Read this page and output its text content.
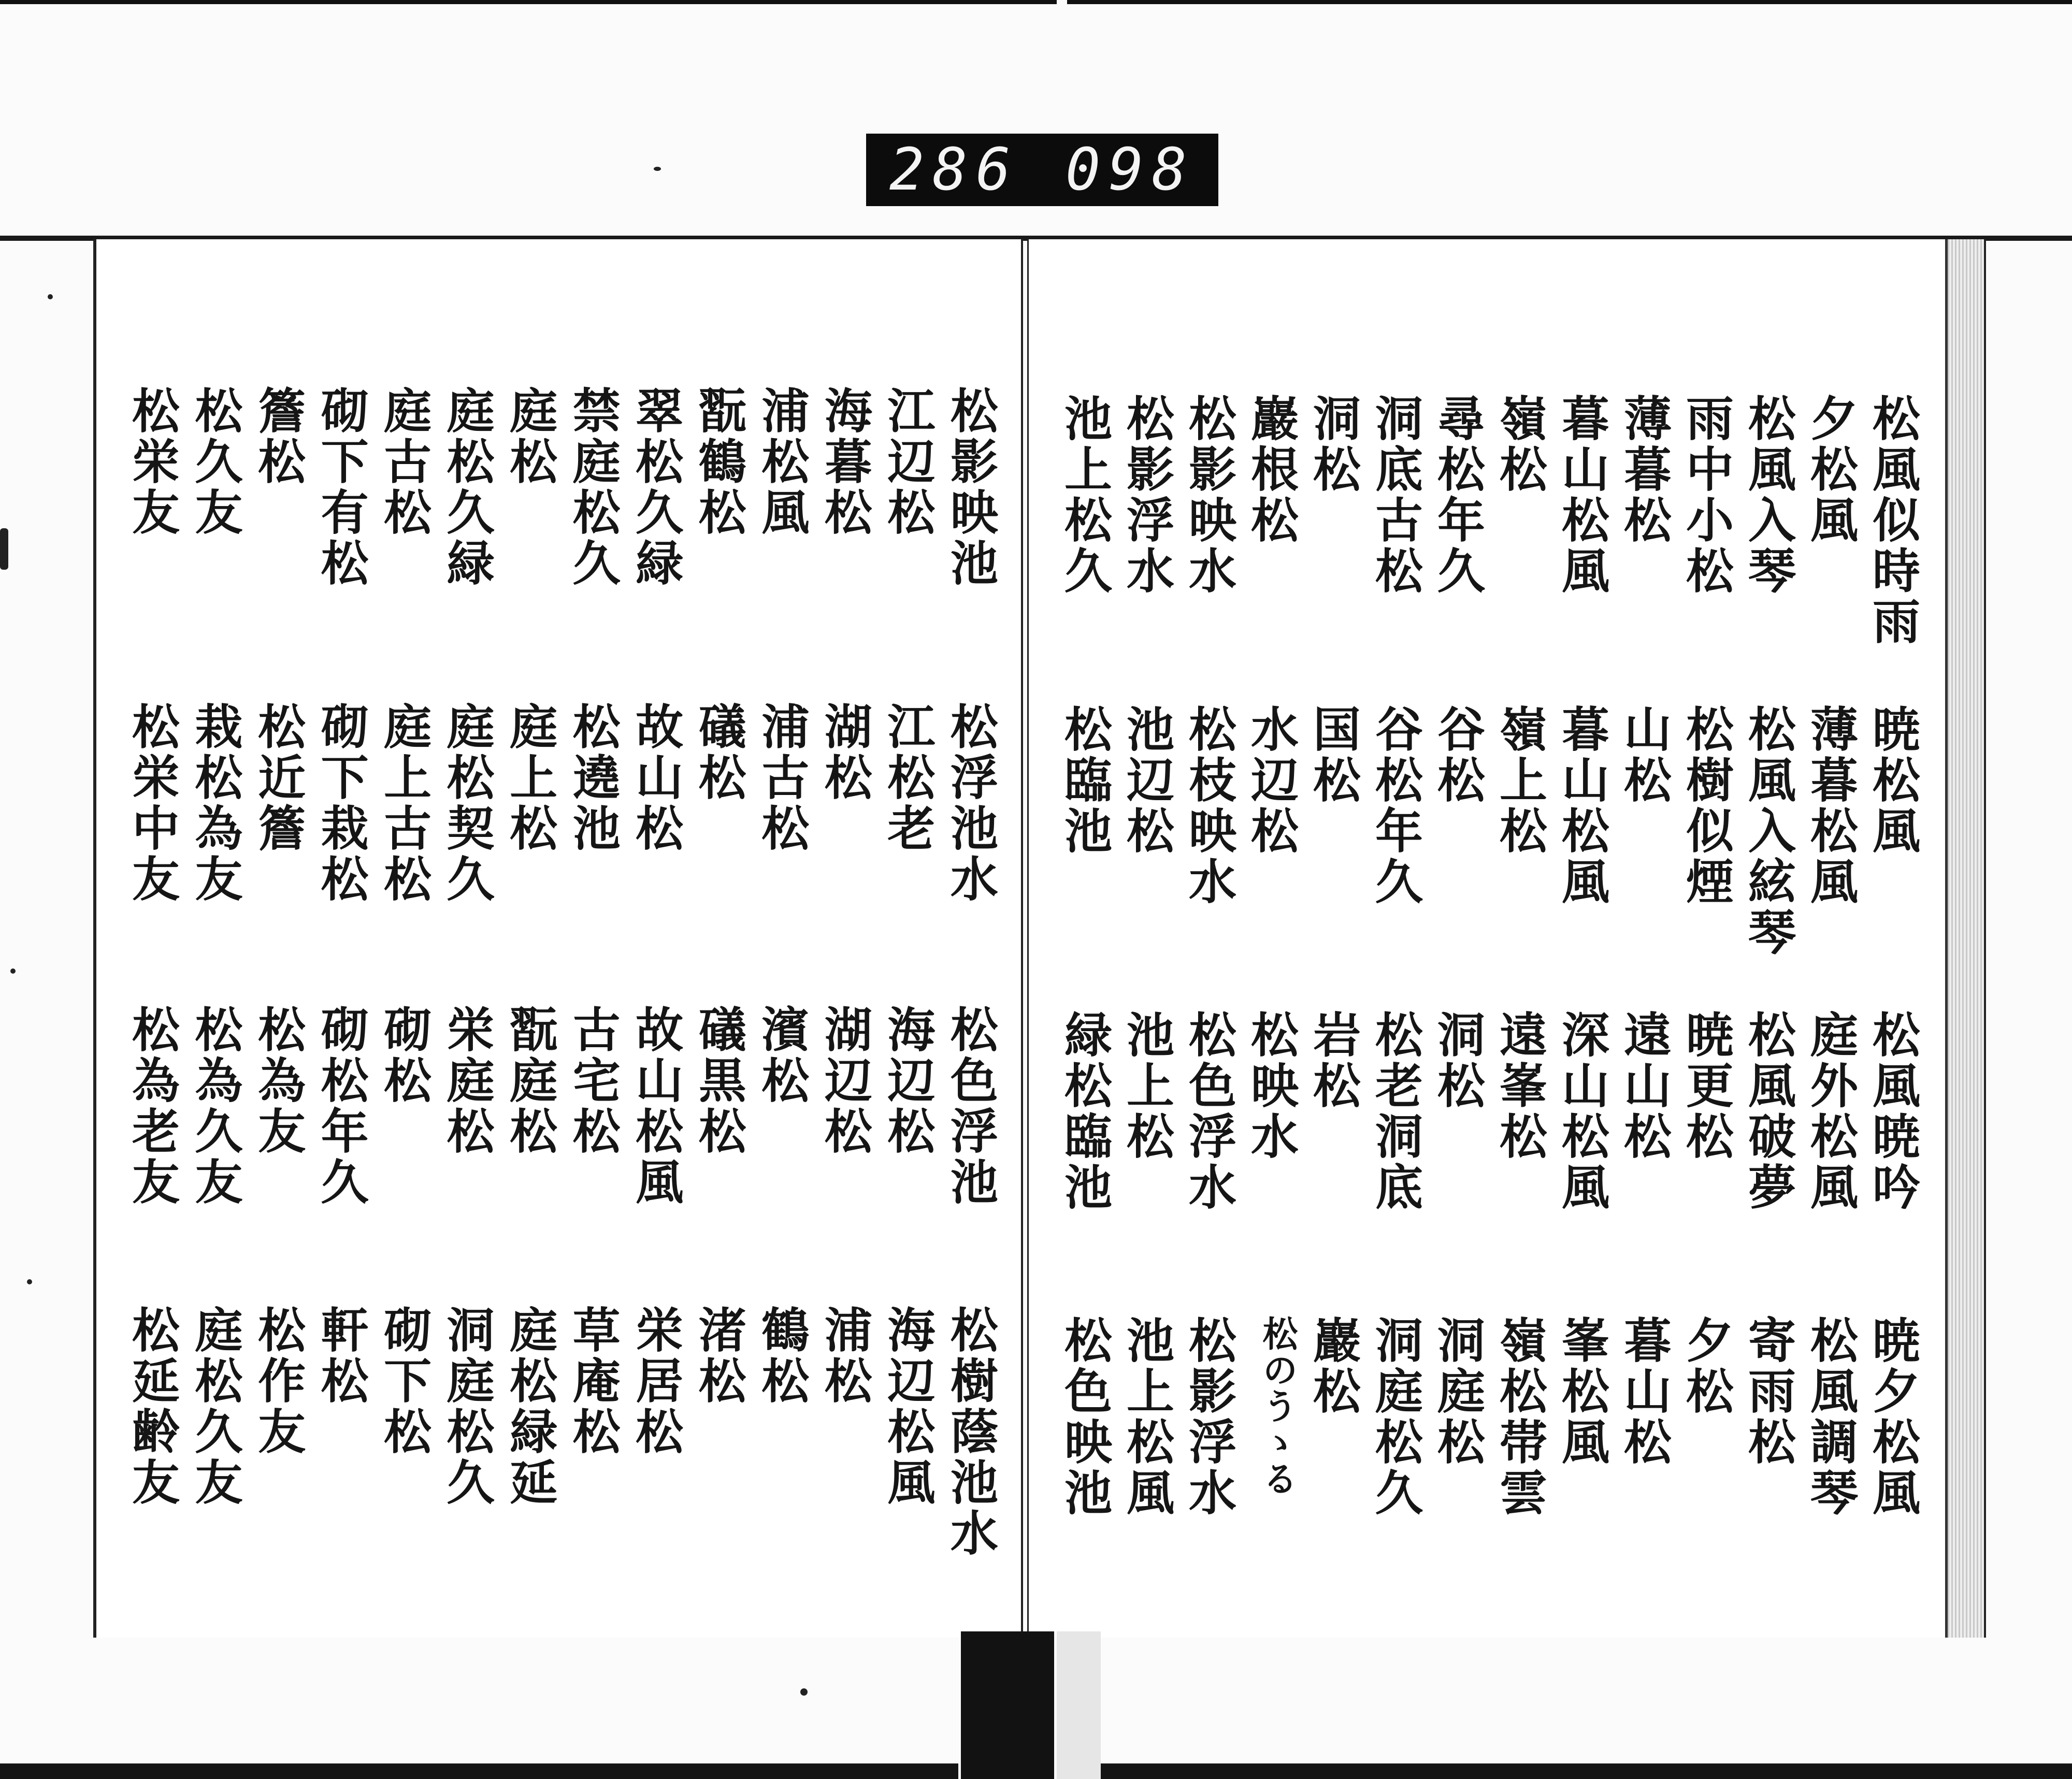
286 098
松風似時雨
夕松風
松風入琴
雨中小松
薄暮松
暮山松風
嶺松
尋松年久
洞底古松
洞松
巖根松
松影映水
松影浮水
池上松久
暁松風
薄暮松風
松風入絃琴
松樹似煙
山松
暮山松風
嶺上松
谷松
谷松年久
国松
水辺松
松枝映水
池辺松
松臨池
松風暁吟
庭外松風
松風破夢
暁更松
遠山松
深山松風
遠峯松
洞松
松老洞底
岩松
松映水
松色浮水
池上松
緑松臨池
暁夕松風
松風調琴
寄雨松
夕松
暮山松
峯松風
嶺松帯雲
洞庭松
洞庭松久
巖松
松のうゝる
松影浮水
池上松風
松色映池
松影映池
江辺松
海暮松
浦松風
翫鶴松
翠松久緑
禁庭松久
庭松
庭松久緑
庭古松
砌下有松
簷松
松久友
松栄友
松浮池水
江松老
湖松
浦古松
礒松
故山松
松遶池
庭上松
庭松契久
庭上古松
砌下栽松
松近簷
栽松為友
松栄中友
松色浮池
海辺松
湖辺松
濱松
礒黒松
故山松風
古宅松
翫庭松
栄庭松
砌松
砌松年久
松為友
松為久友
松為老友
松樹蔭池水
海辺松風
浦松
鶴松
渚松
栄居松
草庵松
庭松緑延
洞庭松久
砌下松
軒松
松作友
庭松久友
松延齢友
